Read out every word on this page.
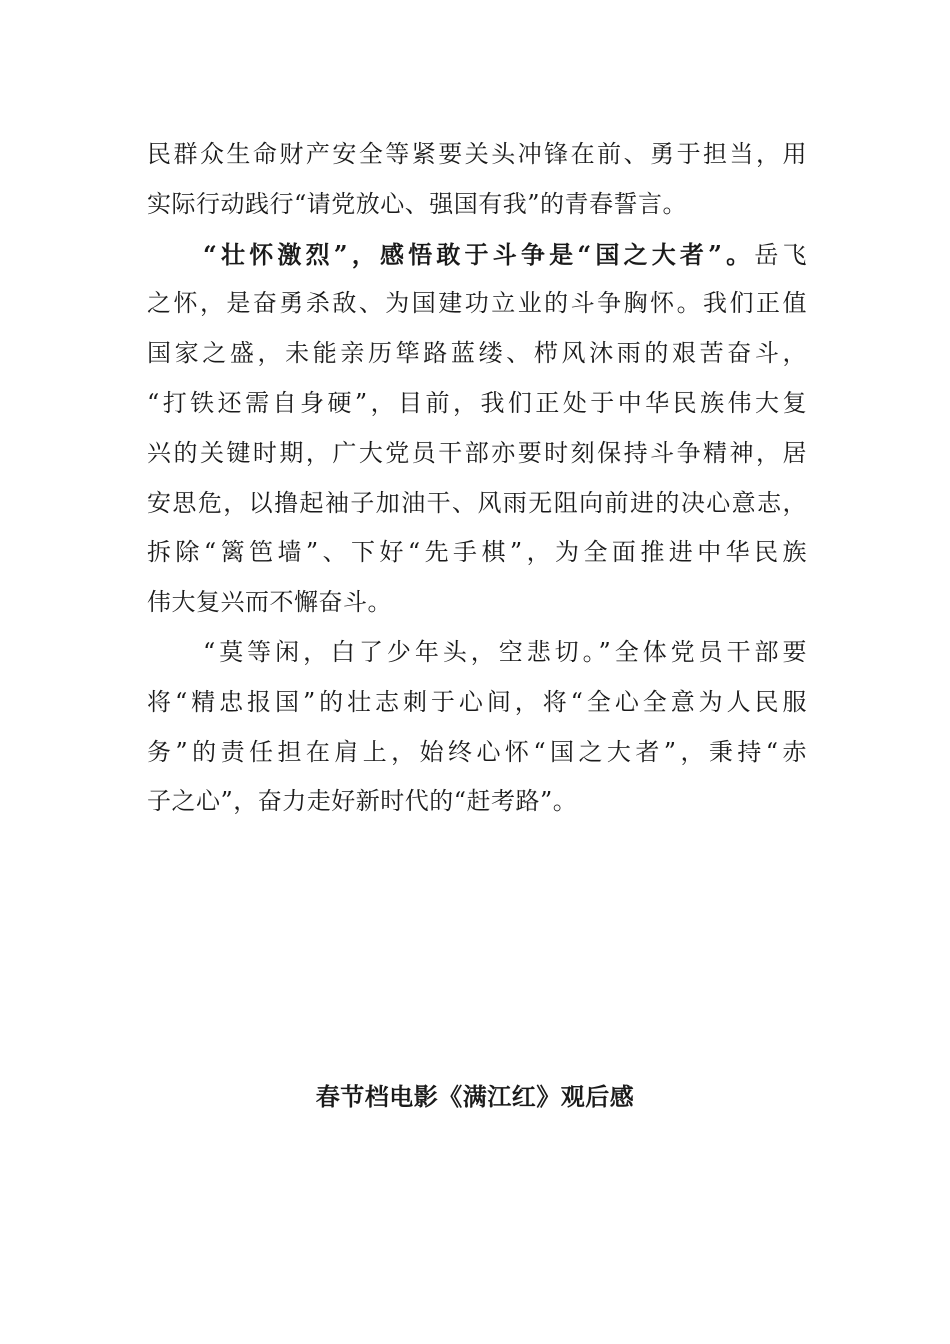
民群众生命财产安全等紧要关头冲锋在前、勇于担当，用
实际行动践行“请党放心、强国有我”的青春誓言。
“壮怀激烈”，感悟敢于斗争是“国之大者”。岳飞
之怀，是奋勇杀敌、为国建功立业的斗争胸怀。我们正值
国家之盛，未能亲历筚路蓝缕、栉风沐雨的艰苦奋斗，
“打铁还需自身硬”，目前，我们正处于中华民族伟大复
兴的关键时期，广大党员干部亦要时刻保持斗争精神，居
安思危，以撸起袖子加油干、风雨无阻向前进的决心意志，
拆除“篱笆墙”、下好“先手棋”，为全面推进中华民族
伟大复兴而不懈奋斗。
“莫等闲，白了少年头，空悲切。”全体党员干部要
将“精忠报国”的壮志刺于心间，将“全心全意为人民服
务”的责任担在肩上，始终心怀“国之大者”，秉持“赤
子之心”，奋力走好新时代的“赶考路”。
春节档电影《满江红》观后感
